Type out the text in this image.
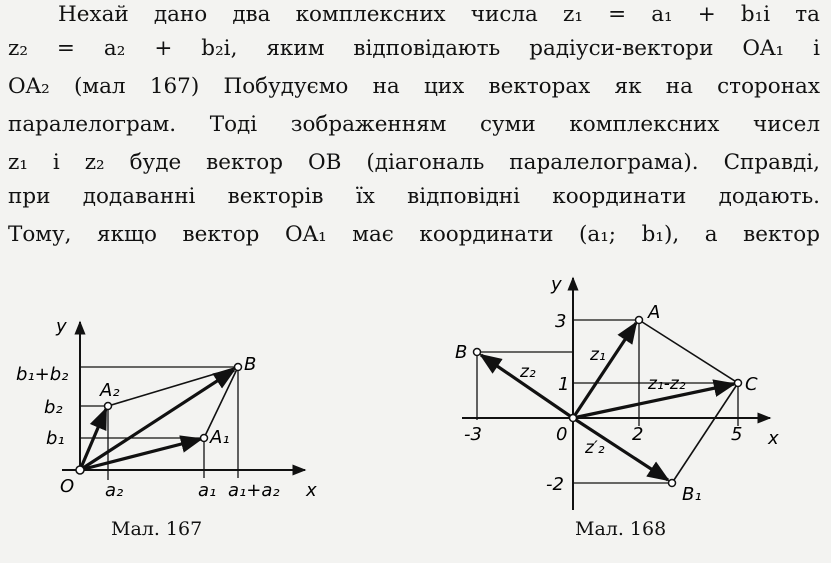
Нехай дано два комплексних числа z₁ = a₁ + b₁i та
z₂ = a₂ + b₂i, яким відповідають радіуси-вектори OA₁ і
OA₂ (мал 167) Побудуємо на цих векторах як на сторонах
паралелограм. Тоді зображенням суми комплексних чисел
z₁ і z₂ буде вектор OB (діагональ паралелограма). Справді,
при додаванні векторів їх відповідні координати додають.
Тому, якщо вектор OA₁ має координати (a₁; b₁), а вектор
y
x
O
b₁+b₂
b₂
b₁
a₂	a₁ a₁+a₂
A₂
A₁
B
Мал. 167
y
x
0
3
1
-2
-3	2	5
A
B
C
B₁
z₁
z₂
z′₂
z₁-z₂
Мал. 168
